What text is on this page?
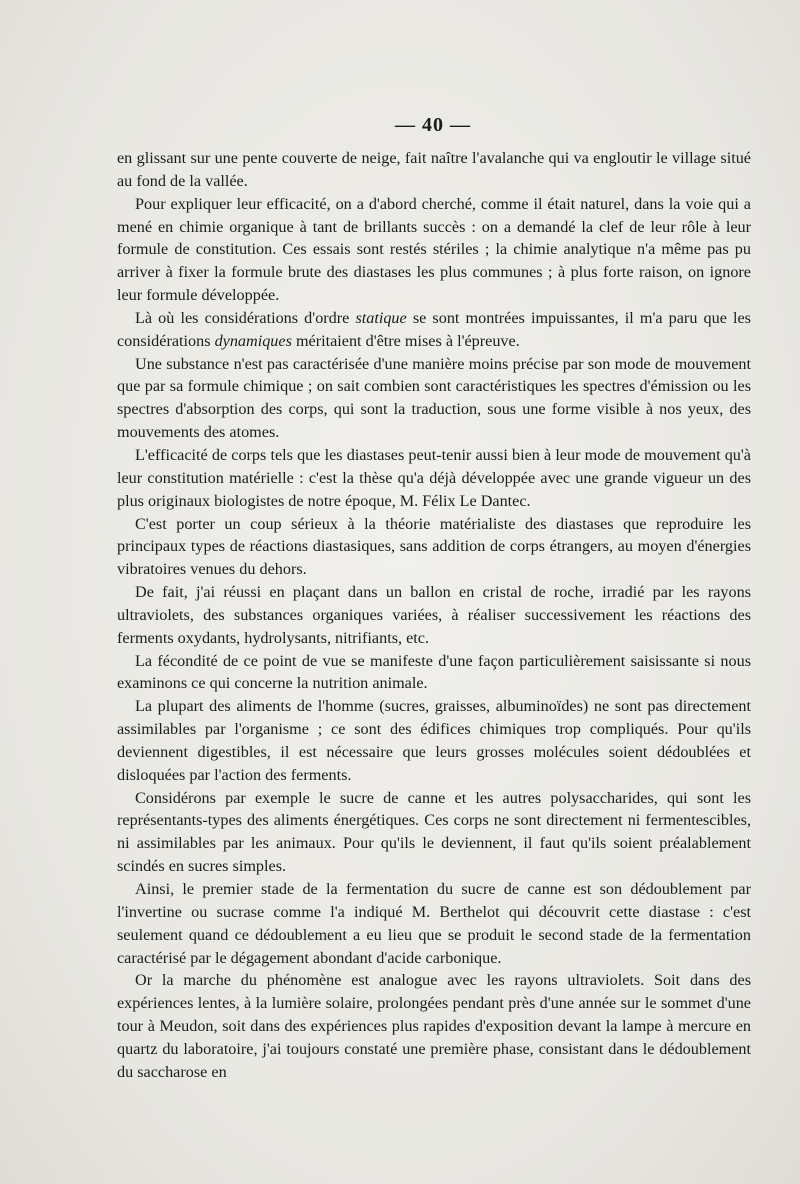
— 40 —

en glissant sur une pente couverte de neige, fait naître l'avalanche qui va engloutir le village situé au fond de la vallée.

Pour expliquer leur efficacité, on a d'abord cherché, comme il était naturel, dans la voie qui a mené en chimie organique à tant de brillants succès : on a demandé la clef de leur rôle à leur formule de constitution. Ces essais sont restés stériles ; la chimie analytique n'a même pas pu arriver à fixer la formule brute des diastases les plus communes ; à plus forte raison, on ignore leur formule développée.

Là où les considérations d'ordre statique se sont montrées impuissantes, il m'a paru que les considérations dynamiques méritaient d'être mises à l'épreuve.

Une substance n'est pas caractérisée d'une manière moins précise par son mode de mouvement que par sa formule chimique ; on sait combien sont caractéristiques les spectres d'émission ou les spectres d'absorption des corps, qui sont la traduction, sous une forme visible à nos yeux, des mouvements des atomes.

L'efficacité de corps tels que les diastases peut-tenir aussi bien à leur mode de mouvement qu'à leur constitution matérielle : c'est la thèse qu'a déjà développée avec une grande vigueur un des plus originaux biologistes de notre époque, M. Félix Le Dantec.

C'est porter un coup sérieux à la théorie matérialiste des diastases que reproduire les principaux types de réactions diastasiques, sans addition de corps étrangers, au moyen d'énergies vibratoires venues du dehors.

De fait, j'ai réussi en plaçant dans un ballon en cristal de roche, irradié par les rayons ultraviolets, des substances organiques variées, à réaliser successivement les réactions des ferments oxydants, hydrolysants, nitrifiants, etc.

La fécondité de ce point de vue se manifeste d'une façon particulièrement saisissante si nous examinons ce qui concerne la nutrition animale.

La plupart des aliments de l'homme (sucres, graisses, albuminoïdes) ne sont pas directement assimilables par l'organisme ; ce sont des édifices chimiques trop compliqués. Pour qu'ils deviennent digestibles, il est nécessaire que leurs grosses molécules soient dédoublées et disloquées par l'action des ferments.

Considérons par exemple le sucre de canne et les autres polysaccharides, qui sont les représentants-types des aliments énergétiques. Ces corps ne sont directement ni fermentescibles, ni assimilables par les animaux. Pour qu'ils le deviennent, il faut qu'ils soient préalablement scindés en sucres simples.

Ainsi, le premier stade de la fermentation du sucre de canne est son dédoublement par l'invertine ou sucrase comme l'a indiqué M. Berthelot qui découvrit cette diastase : c'est seulement quand ce dédoublement a eu lieu que se produit le second stade de la fermentation caractérisé par le dégagement abondant d'acide carbonique.

Or la marche du phénomène est analogue avec les rayons ultraviolets. Soit dans des expériences lentes, à la lumière solaire, prolongées pendant près d'une année sur le sommet d'une tour à Meudon, soit dans des expériences plus rapides d'exposition devant la lampe à mercure en quartz du laboratoire, j'ai toujours constaté une première phase, consistant dans le dédoublement du saccharose en
